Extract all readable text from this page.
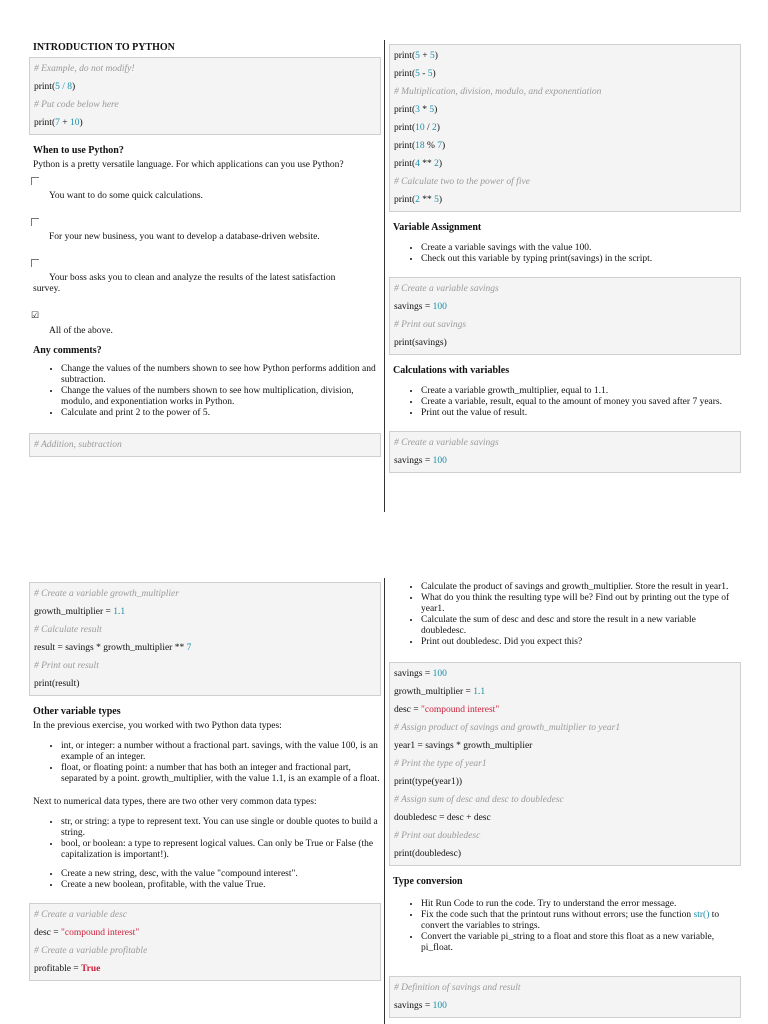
INTRODUCTION TO PYTHON
# Example, do not modify!
print(5 / 8)
# Put code below here
print(7 + 10)
When to use Python?

Python is a pretty versatile language. For which applications can you use Python?

You want to do some quick calculations.
For your new business, you want to develop a database-driven website.
Your boss asks you to clean and analyze the results of the latest satisfaction survey.
☑
All of the above.
Any comments?
• Change the values of the numbers shown to see how Python performs addition and subtraction.
• Change the values of the numbers shown to see how multiplication, division, modulo, and exponentiation works in Python.
• Calculate and print 2 to the power of 5.
# Addition, subtraction
print(5 + 5)
print(5 - 5)
# Multiplication, division, modulo, and exponentiation
print(3 * 5)
print(10 / 2)
print(18 % 7)
print(4 ** 2)
# Calculate two to the power of five
print(2 ** 5)
Variable Assignment
• Create a variable savings with the value 100.
• Check out this variable by typing print(savings) in the script.
# Create a variable savings
savings = 100
# Print out savings
print(savings)
Calculations with variables
• Create a variable growth_multiplier, equal to 1.1.
• Create a variable, result, equal to the amount of money you saved after 7 years.
• Print out the value of result.
# Create a variable savings
savings = 100
# Create a variable growth_multiplier
growth_multiplier = 1.1
# Calculate result
result = savings * growth_multiplier ** 7
# Print out result
print(result)
Other variable types

In the previous exercise, you worked with two Python data types:

• int, or integer: a number without a fractional part. savings, with the value 100, is an example of an integer.
• float, or floating point: a number that has both an integer and fractional part, separated by a point. growth_multiplier, with the value 1.1, is an example of a float.

Next to numerical data types, there are two other very common data types:

• str, or string: a type to represent text. You can use single or double quotes to build a string.
• bool, or boolean: a type to represent logical values. Can only be True or False (the capitalization is important!).
• Create a new string, desc, with the value "compound interest".
• Create a new boolean, profitable, with the value True.
# Create a variable desc
desc = "compound interest"
# Create a variable profitable
profitable = True
• Calculate the product of savings and growth_multiplier. Store the result in year1.
• What do you think the resulting type will be? Find out by printing out the type of year1.
• Calculate the sum of desc and desc and store the result in a new variable doubledesc.
• Print out doubledesc. Did you expect this?
savings = 100
growth_multiplier = 1.1
desc = "compound interest"
# Assign product of savings and growth_multiplier to year1
year1 = savings * growth_multiplier
# Print the type of year1
print(type(year1))
# Assign sum of desc and desc to doubledesc
doubledesc = desc + desc
# Print out doubledesc
print(doubledesc)
Type conversion
• Hit Run Code to run the code. Try to understand the error message.
• Fix the code such that the printout runs without errors; use the function str() to convert the variables to strings.
• Convert the variable pi_string to a float and store this float as a new variable, pi_float.
# Definition of savings and result
savings = 100
